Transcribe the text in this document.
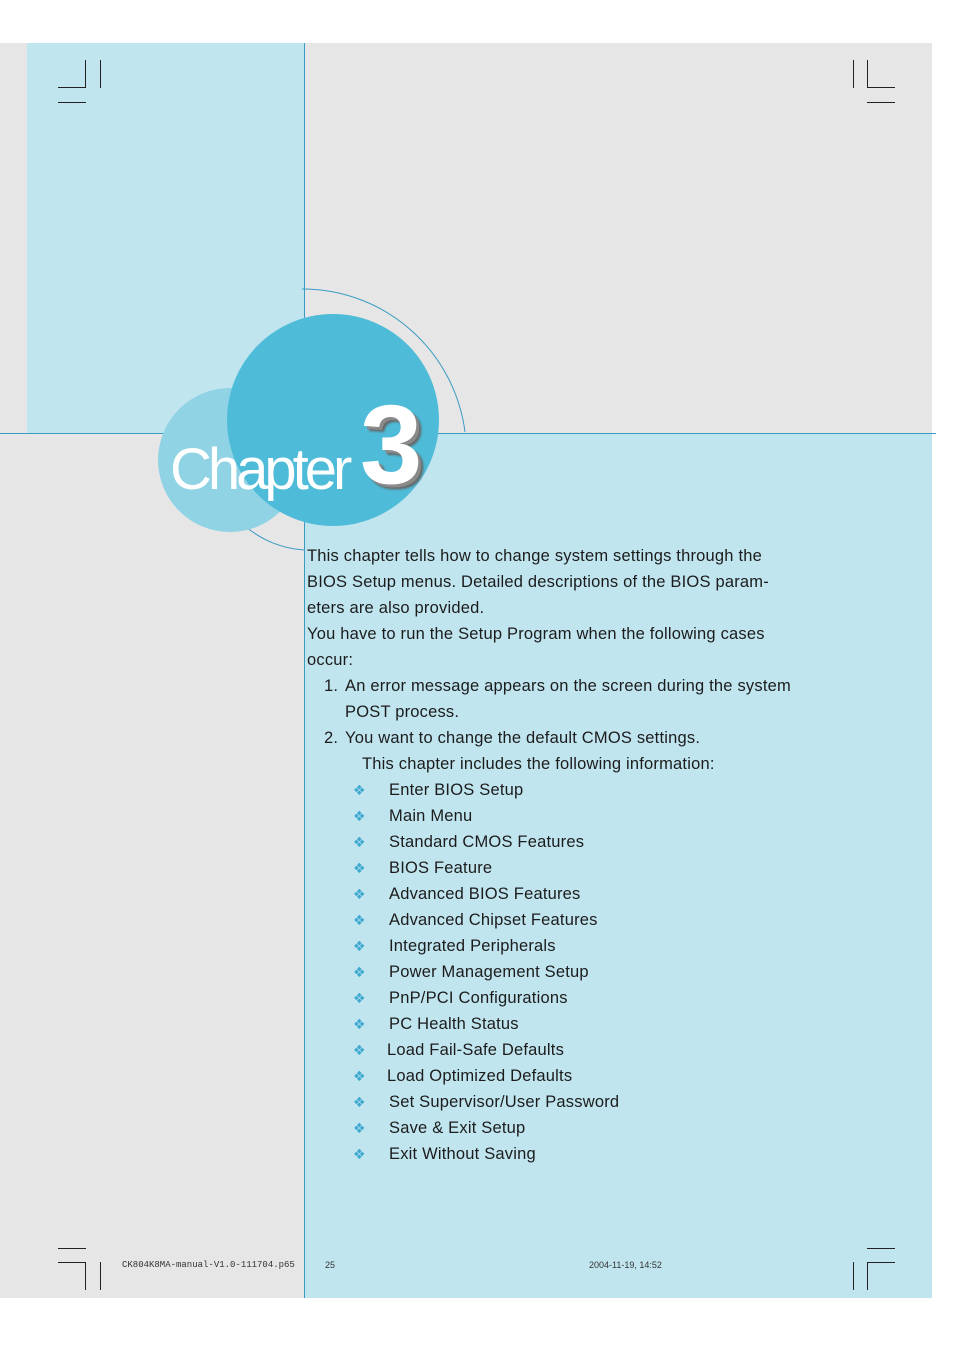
Chapter 3

This chapter tells how to change system settings through the BIOS Setup menus. Detailed descriptions of the BIOS param-eters are also provided.

You have to run the Setup Program when the following cases occur:

1. An error message appears on the screen during the system POST process.
2. You want to change the default CMOS settings.

This chapter includes the following information:

❖ Enter BIOS Setup
❖ Main Menu
❖ Standard CMOS Features
❖ BIOS Feature
❖ Advanced BIOS Features
❖ Advanced Chipset Features
❖ Integrated Peripherals
❖ Power Management Setup
❖ PnP/PCI Configurations
❖ PC Health Status
❖ Load Fail-Safe Defaults
❖ Load Optimized Defaults
❖ Set Supervisor/User Password
❖ Save & Exit Setup
❖ Exit Without Saving
CK804K8MA-manual-V1.0-111704.p65	25	2004-11-19, 14:52
